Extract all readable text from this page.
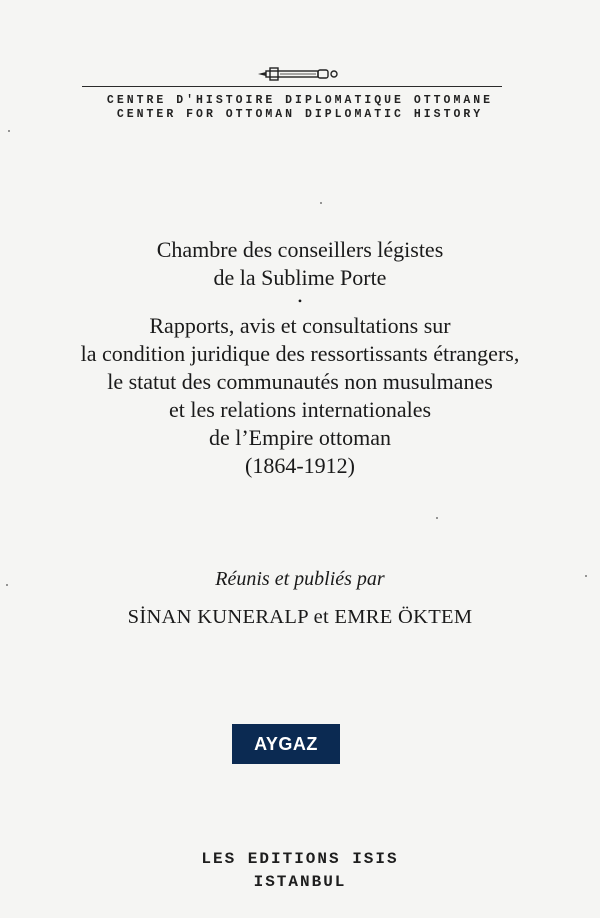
CENTRE D'HISTOIRE DIPLOMATIQUE OTTOMANE
CENTER FOR OTTOMAN DIPLOMATIC HISTORY
Chambre des conseillers légistes
de la Sublime Porte
•
Rapports, avis et consultations sur
la condition juridique des ressortissants étrangers,
le statut des communautés non musulmanes
et les relations internationales
de l’Empire ottoman
(1864-1912)
Réunis et publiés par
SİNAN KUNERALP et EMRE ÖKTEM
AYGAZ
LES EDITIONS ISIS
ISTANBUL
